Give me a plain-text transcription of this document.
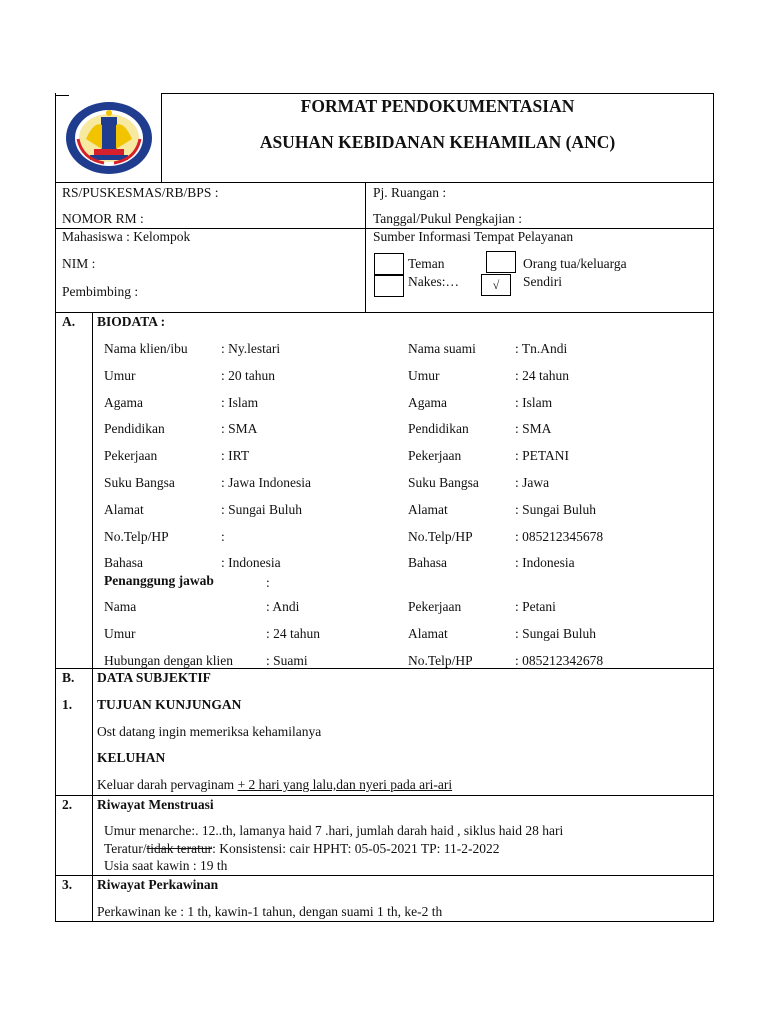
FORMAT PENDOKUMENTASIAN
ASUHAN KEBIDANAN KEHAMILAN (ANC)
RS/PUSKESMAS/RB/BPS :
NOMOR RM :
Pj. Ruangan :
Tanggal/Pukul Pengkajian :
Mahasiswa : Kelompok
NIM :
Pembimbing :
Sumber Informasi Tempat Pelayanan
Teman	Orang tua/keluarga
Nakes:…	√	Sendiri
A. BIODATA :
Nama klien/ibu : Ny.lestari	Nama suami	: Tn.Andi
Umur	: 20 tahun	Umur	: 24 tahun
Agama	: Islam	Agama	: Islam
Pendidikan	: SMA	Pendidikan	: SMA
Pekerjaan	: IRT	Pekerjaan	: PETANI
Suku Bangsa	: Jawa Indonesia	Suku Bangsa	: Jawa
Alamat	: Sungai Buluh	Alamat	: Sungai Buluh
No.Telp/HP	:	No.Telp/HP	: 085212345678
Bahasa	: Indonesia	Bahasa	: Indonesia
Penanggung jawab	:
Nama	: Andi	Pekerjaan	: Petani
Umur	: 24 tahun	Alamat	: Sungai Buluh
Hubungan dengan klien : Suami	No.Telp/HP	: 085212342678
B. DATA SUBJEKTIF
1. TUJUAN KUNJUNGAN
Ost datang ingin memeriksa kehamilanya
KELUHAN
Keluar darah pervaginam + 2 hari yang lalu,dan nyeri pada ari-ari
2. Riwayat Menstruasi
Umur menarche:. 12..th, lamanya haid 7 .hari, jumlah darah haid , siklus haid 28 hari
Teratur/tidak teratur: Konsistensi: cair HPHT: 05-05-2021 TP: 11-2-2022
Usia saat kawin : 19 th
3. Riwayat Perkawinan
Perkawinan ke : 1 th, kawin-1 tahun, dengan suami 1 th, ke-2 th
